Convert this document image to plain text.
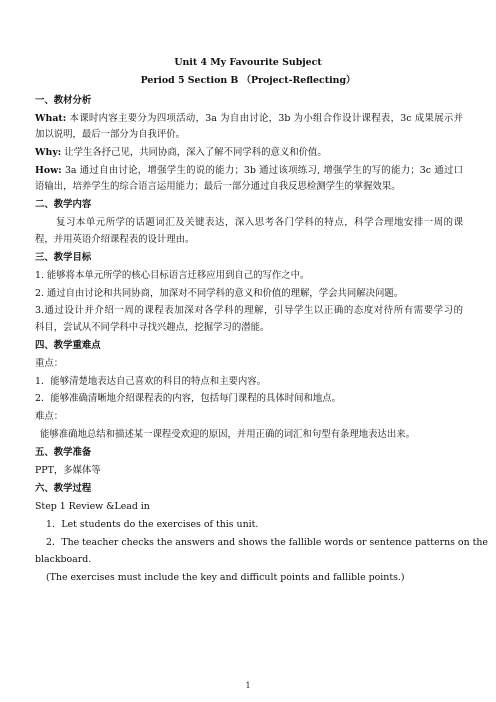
Unit 4 My Favourite Subject
Period 5 Section B （Project-Reflecting）
一、教材分析
What: 本课时内容主要分为四项活动，3a 为自由讨论，3b 为小组合作设计课程表，3c 成果展示并
加以说明，最后一部分为自我评价。
Why: 让学生各抒己见，共同协商，深入了解不同学科的意义和价值。
How: 3a 通过自由讨论，增强学生的说的能力；3b 通过该项练习, 增强学生的写的能力；3c 通过口
语输出，培养学生的综合语言运用能力；最后一部分通过自我反思检测学生的掌握效果。
二、教学内容
复习本单元所学的话题词汇及关键表达，深入思考各门学科的特点，科学合理地安排一周的课
程，并用英语介绍课程表的设计理由。
三、教学目标
1. 能够将本单元所学的核心目标语言迁移应用到自己的写作之中。
2. 通过自由讨论和共同协商，加深对不同学科的意义和价值的理解，学会共同解决问题。
3.通过设计并介绍一周的课程表加深对各学科的理解，引导学生以正确的态度对待所有需要学习的
科目，尝试从不同学科中寻找兴趣点，挖掘学习的潜能。
四、教学重难点
重点：
1．能够清楚地表达自己喜欢的科目的特点和主要内容。
2．能够准确清晰地介绍课程表的内容，包括每门课程的具体时间和地点。
难点：
能够准确地总结和描述某一课程受欢迎的原因，并用正确的词汇和句型有条理地表达出来。
五、教学准备
PPT，多媒体等
六、教学过程
Step 1 Review &Lead in
1．Let students do the exercises of this unit.
2．The teacher checks the answers and shows the fallible words or sentence patterns on the
blackboard.
(The exercises must include the key and difficult points and fallible points.)
1
